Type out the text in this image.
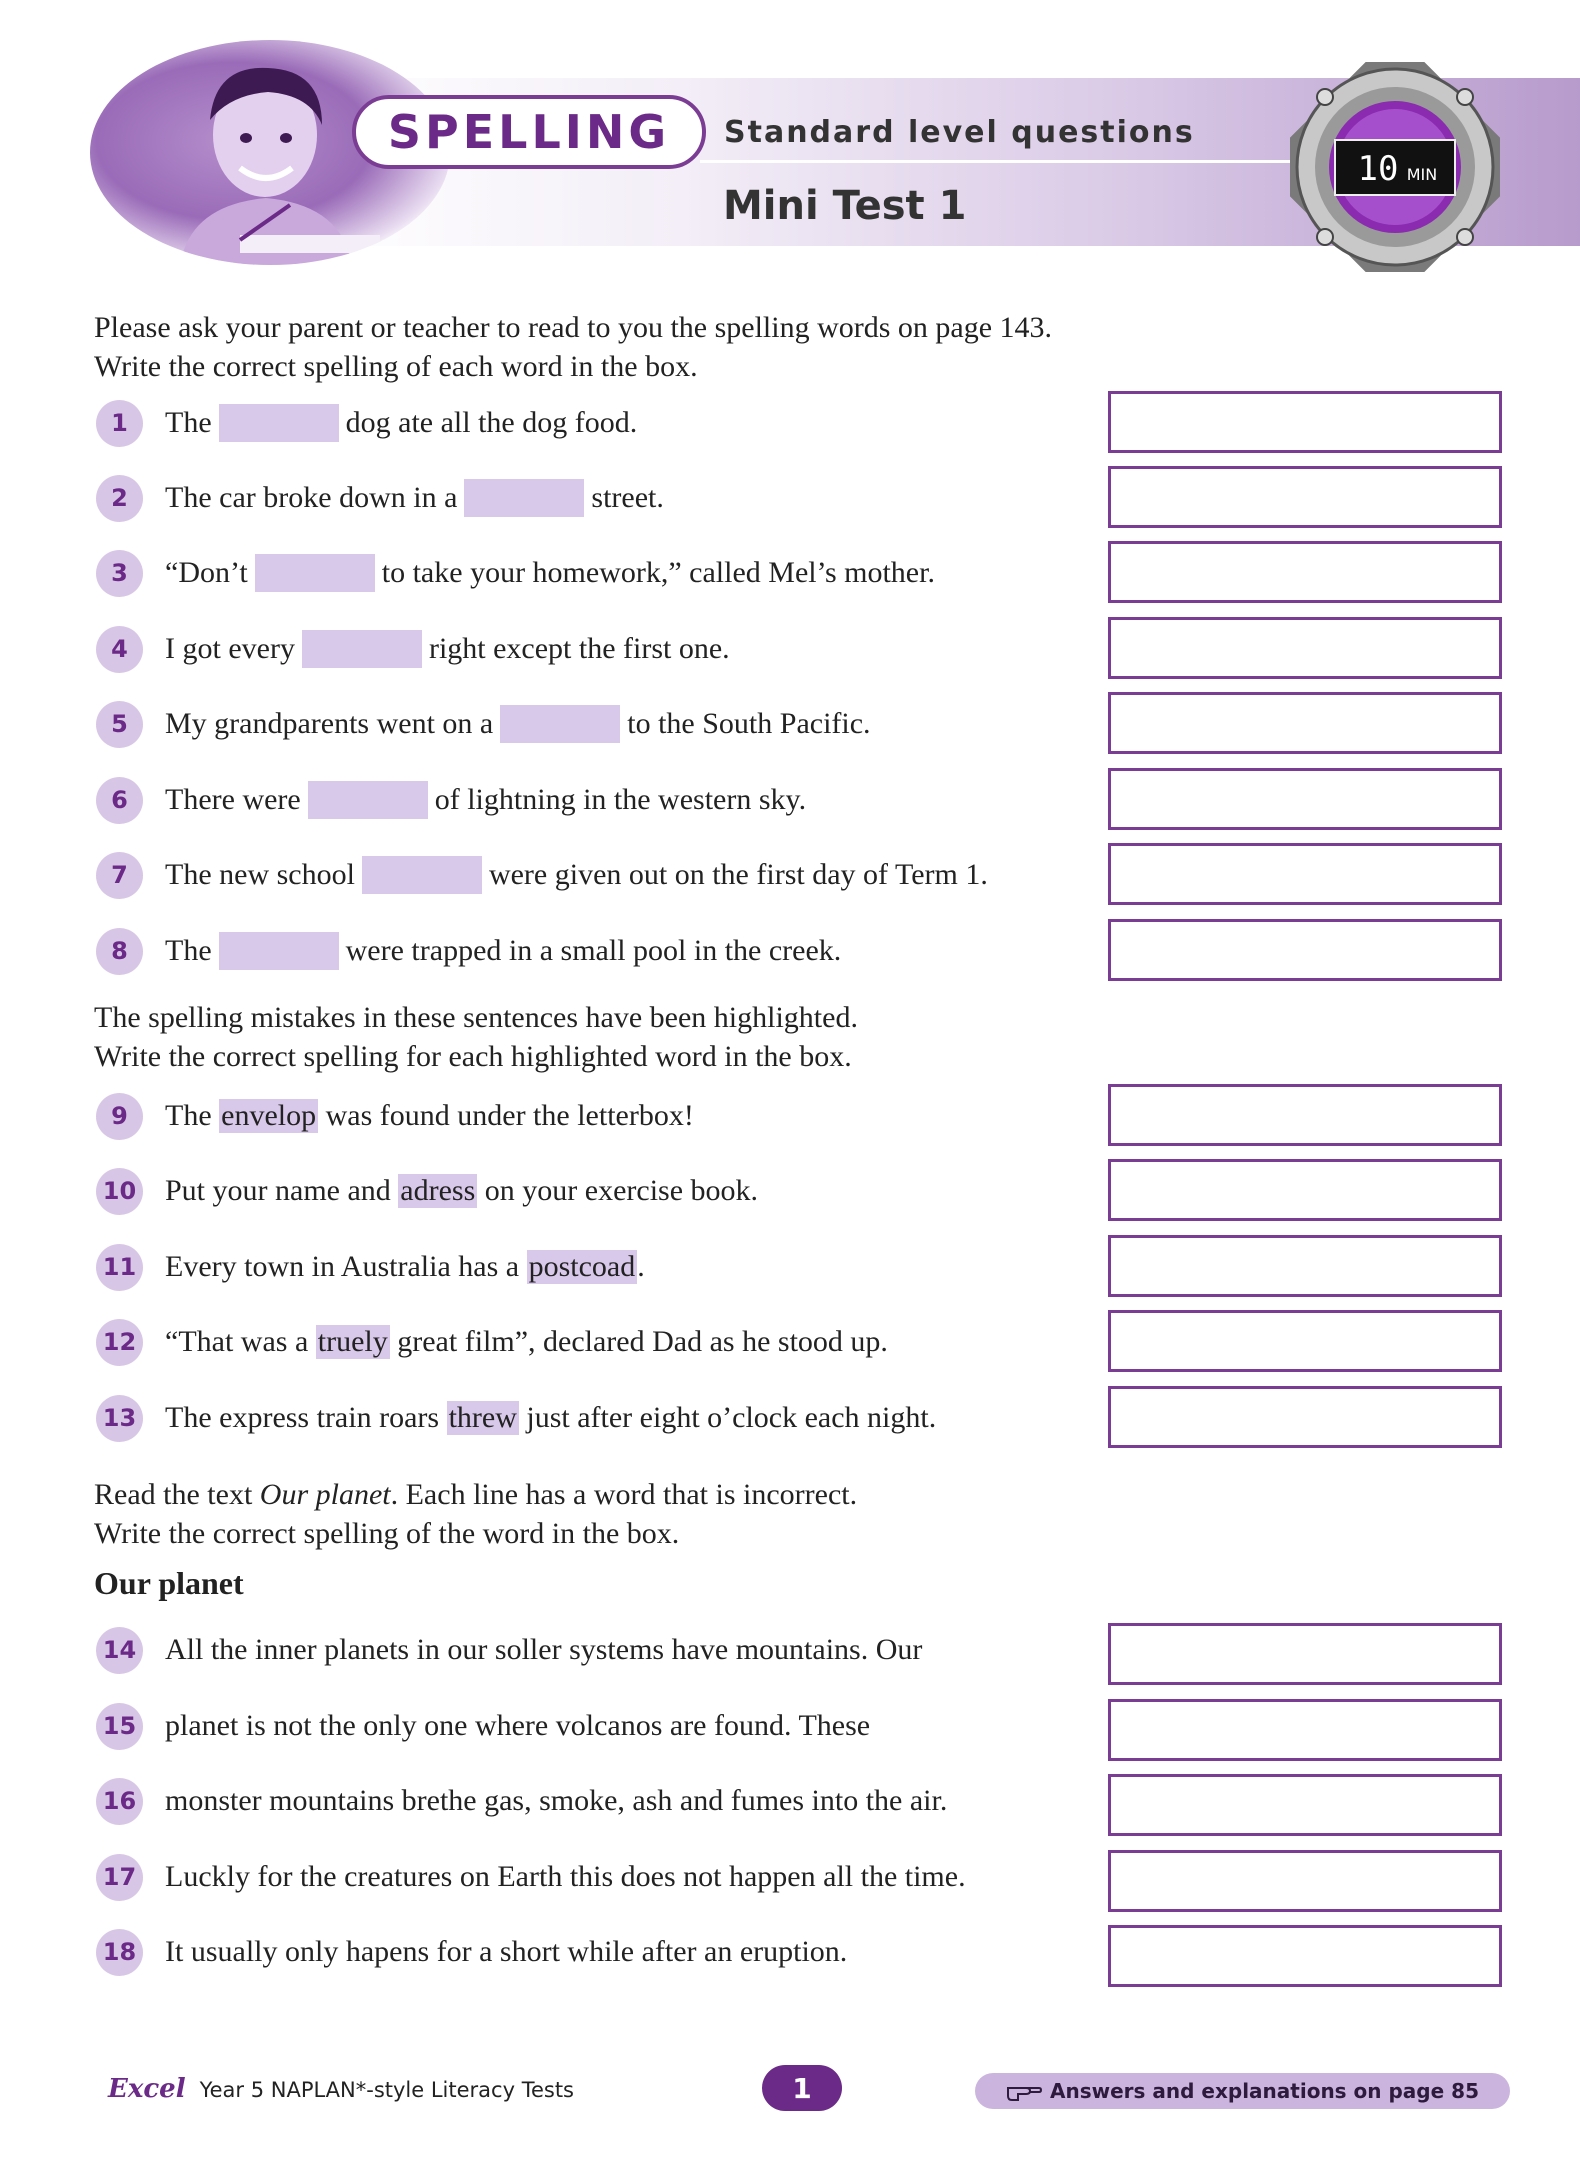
SPELLING Standard level questions
Mini Test 1
10 MIN
Please ask your parent or teacher to read to you the spelling words on page 143.
Write the correct spelling of each word in the box.
1	The	dog ate all the dog food.
2	The car broke down in a	street.
3	“Don’t	to take your homework,” called Mel’s mother.
4	I got every	right except the first one.
5	My grandparents went on a	to the South Pacific.
6	There were	of lightning in the western sky.
7	The new school	were given out on the first day of Term 1.
8	The	were trapped in a small pool in the creek.
The spelling mistakes in these sentences have been highlighted.
Write the correct spelling for each highlighted word in the box.
9	The envelop was found under the letterbox!
10 Put your name and adress on your exercise book.
11 Every town in Australia has a postcoad .
12 “That was a truely great film”, declared Dad as he stood up.
13 The express train roars threw just after eight o’clock each night.
Read the text Our planet. Each line has a word that is incorrect.
Write the correct spelling of the word in the box.
Our planet
14 All the inner planets in our soller systems have mountains. Our
15 planet is not the only one where volcanos are found. These
16 monster mountains brethe gas, smoke, ash and fumes into the air.
17 Luckly for the creatures on Earth this does not happen all the time.
18 It usually only hapens for a short while after an eruption.
Excel Year 5 NAPLAN*-style Literacy Tests	1	Answers and explanations on page 85
